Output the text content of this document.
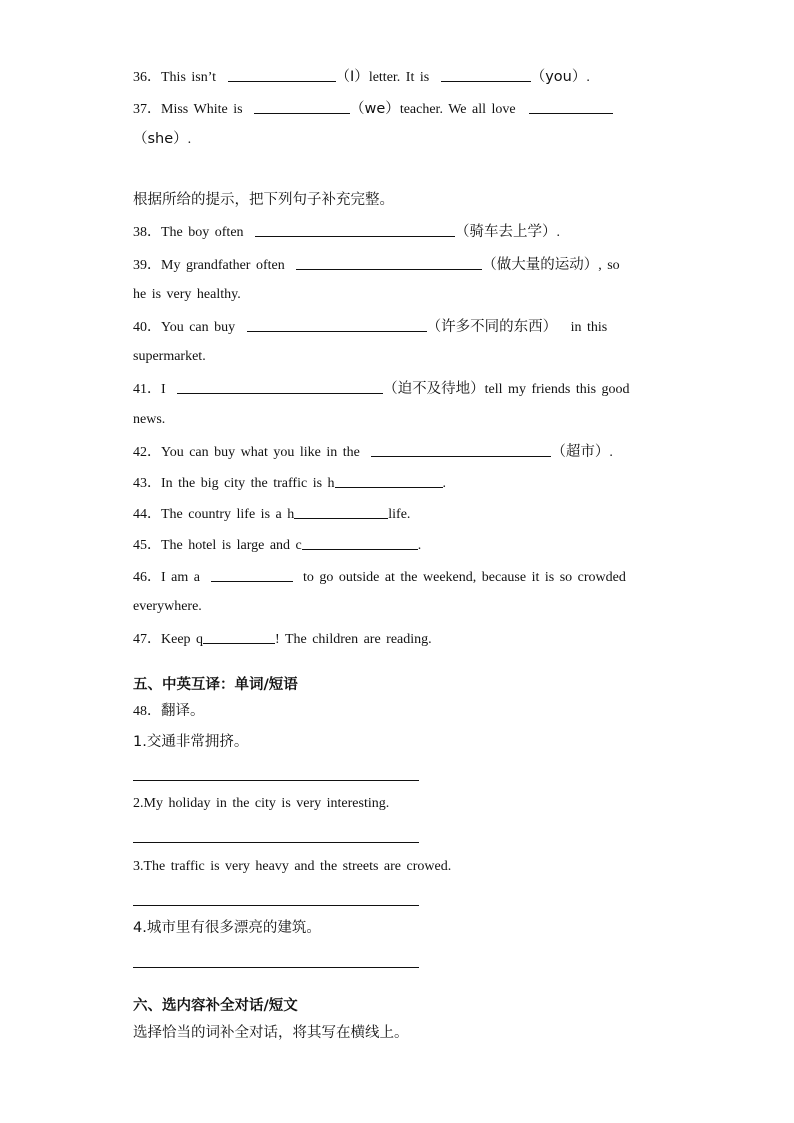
36．This isn’t	（I）letter. It is	（you）.
37．Miss White is	（we）teacher. We all love
（she）.
根据所给的提示，把下列句子补充完整。
38．The boy often	（骑车去上学）.
39．My grandfather often	（做大量的运动）, so
he is very healthy.
40．You can buy	（许多不同的东西） in this
supermarket.
41．I	（迫不及待地）tell my friends this good
news.
42．You can buy what you like in the	（超市）.
43．In the big city the traffic is h	.
44．The country life is a h	life.
45．The hotel is large and c	.
46．I am a	to go outside at the weekend, because it is so crowded
everywhere.
47．Keep q	! The children are reading.
五、中英互译：单词/短语
48．翻译。
1.交通非常拥挤。
2.My holiday in the city is very interesting.
3.The traffic is very heavy and the streets are crowed.
4.城市里有很多漂亮的建筑。
六、选内容补全对话/短文
选择恰当的词补全对话，将其写在横线上。
